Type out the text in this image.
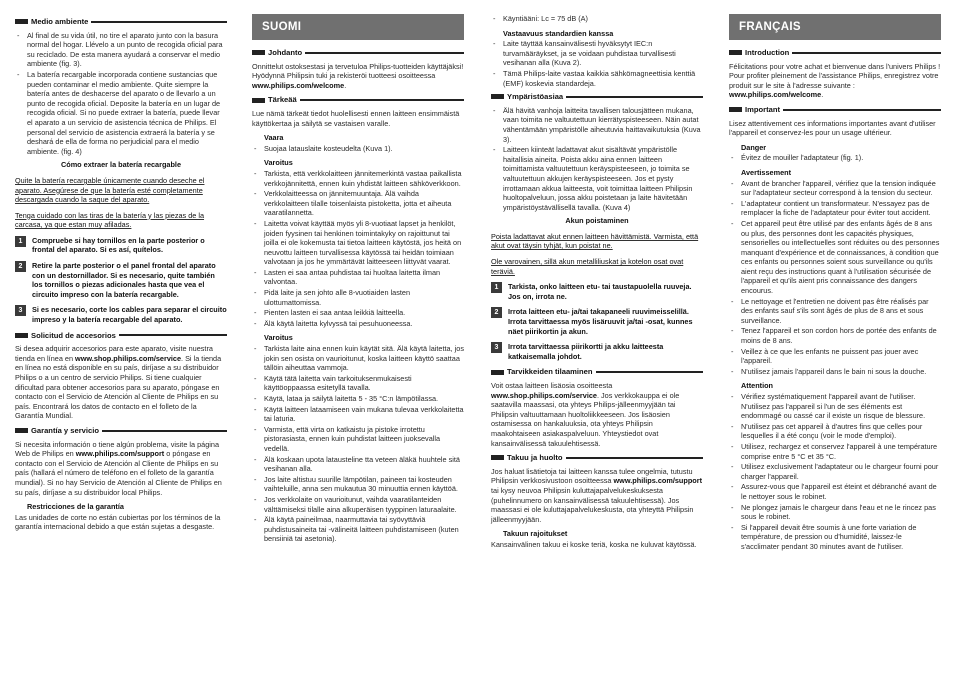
Medio ambiente
- Al final de su vida útil, no tire el aparato junto con la basura normal del hogar. Llévelo a un punto de recogida oficial para su reciclado. De esta manera ayudará a conservar el medio ambiente (fig. 3).
- La batería recargable incorporada contiene sustancias que pueden contaminar el medio ambiente. Quite siempre la batería antes de deshacerse del aparato o de llevarlo a un punto de recogida oficial. Deposite la batería en un lugar de recogida oficial. Si no puede extraer la batería, puede llevar el aparato a un servicio de asistencia técnica de Philips. El personal del servicio de asistencia extraerá la batería y se deshará de ella de forma no perjudicial para el medio ambiente. (fig. 4)
Cómo extraer la batería recargable

Quite la batería recargable únicamente cuando deseche el aparato. Asegúrese de que la batería esté completamente descargada cuando la saque del aparato.

Tenga cuidado con las tiras de la batería y las piezas de la carcasa, ya que estan muy afiladas.

1	Compruebe si hay tornillos en la parte posterior o frontal del aparato. Si es así, quítelos.
2	Retire la parte posterior o el panel frontal del aparato con un destornillador. Si es necesario, quite también los tornillos o piezas adicionales hasta que vea el circuito impreso con la batería recargable.
3	Si es necesario, corte los cables para separar el circuito impreso y la batería recargable del aparato.
Solicitud de accesorios

Si desea adquirir accesorios para este aparato, visite nuestra tienda en línea en www.shop.philips.com/service. Si la tienda en línea no está disponible en su país, diríjase a su distribuidor Philips o a un centro de servicio Philips. Si tiene cualquier dificultad para obtener accesorios para su aparato, póngase en contacto con el Servicio de Atención al Cliente de Philips en su país. Encontrará los datos de contacto en el folleto de la Garantía Mundial.

Garantía y servicio

Si necesita información o tiene algún problema, visite la página Web de Philips en www.philips.com/support o póngase en contacto con el Servicio de Atención al Cliente de Philips en su país (hallará el número de teléfono en el folleto de la garantía mundial). Si no hay Servicio de Atención al Cliente de Philips en su país, diríjase a su distribuidor local Philips.

Restricciones de la garantía

Las unidades de corte no están cubiertas por los términos de la garantía internacional debido a que están sujetas a desgaste.

SUOMI
Johdanto

Onnittelut ostoksestasi ja tervetuloa Philips-tuotteiden käyttäjäksi! Hyödynnä Philipsin tuki ja rekisteröi tuotteesi osoitteessa www.philips.com/welcome.

Tärkeää

Lue nämä tärkeät tiedot huolellisesti ennen laitteen ensimmäistä käyttökertaa ja säilytä se vastaisen varalle.

Vaara
- Suojaa latauslaite kosteudelta (Kuva 1).
Varoitus
- Tarkista, että verkkolaitteen jännitemerkintä vastaa paikallista verkkojännitettä, ennen kuin yhdistät laitteen sähköverkkoon.
- Verkkolaitteessa on jännitemuuntaja. Älä vaihda verkkolaitteen tilalle toisenlaista pistoketta, jotta et aiheuta vaaratilannetta.
- Laitetta voivat käyttää myös yli 8-vuotiaat lapset ja henkilöt, joiden fyysinen tai henkinen toimintakyky on rajoittunut tai joilla ei ole kokemusta tai tietoa laitteen käytöstä, jos heitä on neuvottu laitteen turvallisessa käytössä tai heidän toimiaan valvotaan ja jos he ymmärtävät laitteeseen liittyvät vaarat.
- Lasten ei saa antaa puhdistaa tai huoltaa laitetta ilman valvontaa.
- Pidä laite ja sen johto alle 8-vuotiaiden lasten ulottumattomissa.
- Pienten lasten ei saa antaa leikkiä laitteella.
- Älä käytä laitetta kylvyssä tai pesuhuoneessa.
Varoitus
- Tarkista laite aina ennen kuin käytät sitä. Älä käytä laitetta, jos jokin sen osista on vaurioitunut, koska laitteen käyttö saattaa tällöin aiheuttaa vammoja.
- Käytä tätä laitetta vain tarkoituksenmukaisesti käyttöoppaassa esitetyllä tavalla.
- Käytä, lataa ja säilytä laitetta 5 - 35 °C:n lämpötilassa.
- Käytä laitteen lataamiseen vain mukana tulevaa verkkolaitetta tai laturia.
- Varmista, että virta on katkaistu ja pistoke irrotettu pistorasiasta, ennen kuin puhdistat laitteen juoksevalla vedellä.
- Älä koskaan upota latausteline tta veteen äläkä huuhtele sitä vesihanan alla.
- Jos laite altistuu suurille lämpötilan, paineen tai kosteuden vaihteluille, anna sen mukautua 30 minuuttia ennen käyttöä.
- Jos verkkolaite on vaurioitunut, vaihda vaaratilanteiden välttämiseksi tilalle aina alkuperäisen tyyppinen laturaalaite.
- Älä käytä paineilmaa, naarmuttavia tai syövyttäviä puhdistusaineita tai -välineitä laitteen puhdistamiseen (kuten bensiiniä tai asetonia).
- Käyntiääni: Lc = 75 dB (A)
Vastaavuus standardien kanssa
- Laite täyttää kansainvälisesti hyväksytyt IEC:n turvamääräykset, ja se voidaan puhdistaa turvallisesti vesihanan alla (Kuva 2).
- Tämä Philips-laite vastaa kaikkia sähkömagneettisia kenttiä (EMF) koskevia standardeja.
Ympäristöasiaa
- Älä hävitä vanhoja laitteita tavallisen talousjätteen mukana, vaan toimita ne valtuutettuun kierrätyspisteeseen. Näin autat vähentämään ympäristölle aiheutuvia haittavaikutuksia (Kuva 3).
- Laitteen kiinteät ladattavat akut sisältävät ympäristölle haitallisia aineita. Poista akku aina ennen laitteen toimittamista valtuutettuun keräyspisteeseen, jo toimita se valtuutettuun akkujen keräyspisteeseen. Jos et pysty irrottamaan akkua laitteesta, voit toimittaa laitteen Philipsin huoltopalveluun, jossa akku poistetaan ja laite hävitetään ympäristöystävällisellä tavalla. (Kuva 4)
Akun poistaminen

Poista ladattavat akut ennen laitteen hävittämistä. Varmista, että akut ovat täysin tyhjät, kun poistat ne.

Ole varovainen, sillä akun metalliliuskat ja kotelon osat ovat teräviä.

1	Tarkista, onko laitteen etu- tai taustapuolella ruuveja. Jos on, irrota ne.
2	Irrota laitteen etu- ja/tai takapaneeli ruuvimeisselillä. Irrota tarvittaessa myös lisäruuvit ja/tai -osat, kunnes näet piirikortin ja akun.
3	Irrota tarvittaessa piirikortti ja akku laitteesta katkaisemalla johdot.
Tarvikkeiden tilaaminen

Voit ostaa laitteen lisäosia osoitteesta www.shop.philips.com/service. Jos verkkokauppa ei ole saatavilla maassasi, ota yhteys Philips-jälleenmyyjään tai Philipsin valtuuttamaan huoltoliikkeeseen. Jos lisäosien ostamisessa on hankaluuksia, ota yhteys Philipsin maakohtaiseen asiakaspalveluun. Yhteystiedot ovat kansainvälisessä takuulehtisessä.

Takuu ja huolto

Jos haluat lisätietoja tai laitteen kanssa tulee ongelmia, tutustu Philipsin verkkosivustoon osoitteessa www.philips.com/support tai kysy neuvoa Philipsin kuluttajapalvelukeskuksesta (puhelinnumero on kansainvälisessä takuulehtisessä). Jos maassasi ei ole kuluttajapalvelukeskusta, ota yhteyttä Philipsin jälleenmyyjään.

Takuun rajoitukset

Kansainvälinen takuu ei koske teriä, koska ne kuluvat käytössä.

FRANÇAIS
Introduction

Félicitations pour votre achat et bienvenue dans l'univers Philips ! Pour profiter pleinement de l'assistance Philips, enregistrez votre produit sur le site à l'adresse suivante : www.philips.com/welcome.

Important

Lisez attentivement ces informations importantes avant d'utiliser l'appareil et conservez-les pour un usage ultérieur.

Danger
- Évitez de mouiller l'adaptateur (fig. 1).
Avertissement
- Avant de brancher l'appareil, vérifiez que la tension indiquée sur l'adaptateur secteur correspond à la tension du secteur.
- L'adaptateur contient un transformateur. N'essayez pas de remplacer la fiche de l'adaptateur pour éviter tout accident.
- Cet appareil peut être utilisé par des enfants âgés de 8 ans ou plus, des personnes dont les capacités physiques, sensorielles ou intellectuelles sont réduites ou des personnes manquant d'expérience et de connaissances, à condition que ces enfants ou personnes soient sous surveillance ou qu'ils aient reçu des instructions quant à l'utilisation sécurisée de l'appareil et qu'ils aient pris connaissance des dangers encourus.
- Le nettoyage et l'entretien ne doivent pas être réalisés par des enfants sauf s'ils sont âgés de plus de 8 ans et sous surveillance.
- Tenez l'appareil et son cordon hors de portée des enfants de moins de 8 ans.
- Veillez à ce que les enfants ne puissent pas jouer avec l'appareil.
- N'utilisez jamais l'appareil dans le bain ni sous la douche.
Attention
- Vérifiez systématiquement l'appareil avant de l'utiliser. N'utilisez pas l'appareil si l'un de ses éléments est endommagé ou cassé car il existe un risque de blessure.
- N'utilisez pas cet appareil à d'autres fins que celles pour lesquelles il a été conçu (voir le mode d'emploi).
- Utilisez, rechargez et conservez l'appareil à une température comprise entre 5 °C et 35 °C.
- Utilisez exclusivement l'adaptateur ou le chargeur fourni pour charger l'appareil.
- Assurez-vous que l'appareil est éteint et débranché avant de le nettoyer sous le robinet.
- Ne plongez jamais le chargeur dans l'eau et ne le rincez pas sous le robinet.
- Si l'appareil devait être soumis à une forte variation de température, de pression ou d'humidité, laissez-le s'acclimater pendant 30 minutes avant de l'utiliser.
